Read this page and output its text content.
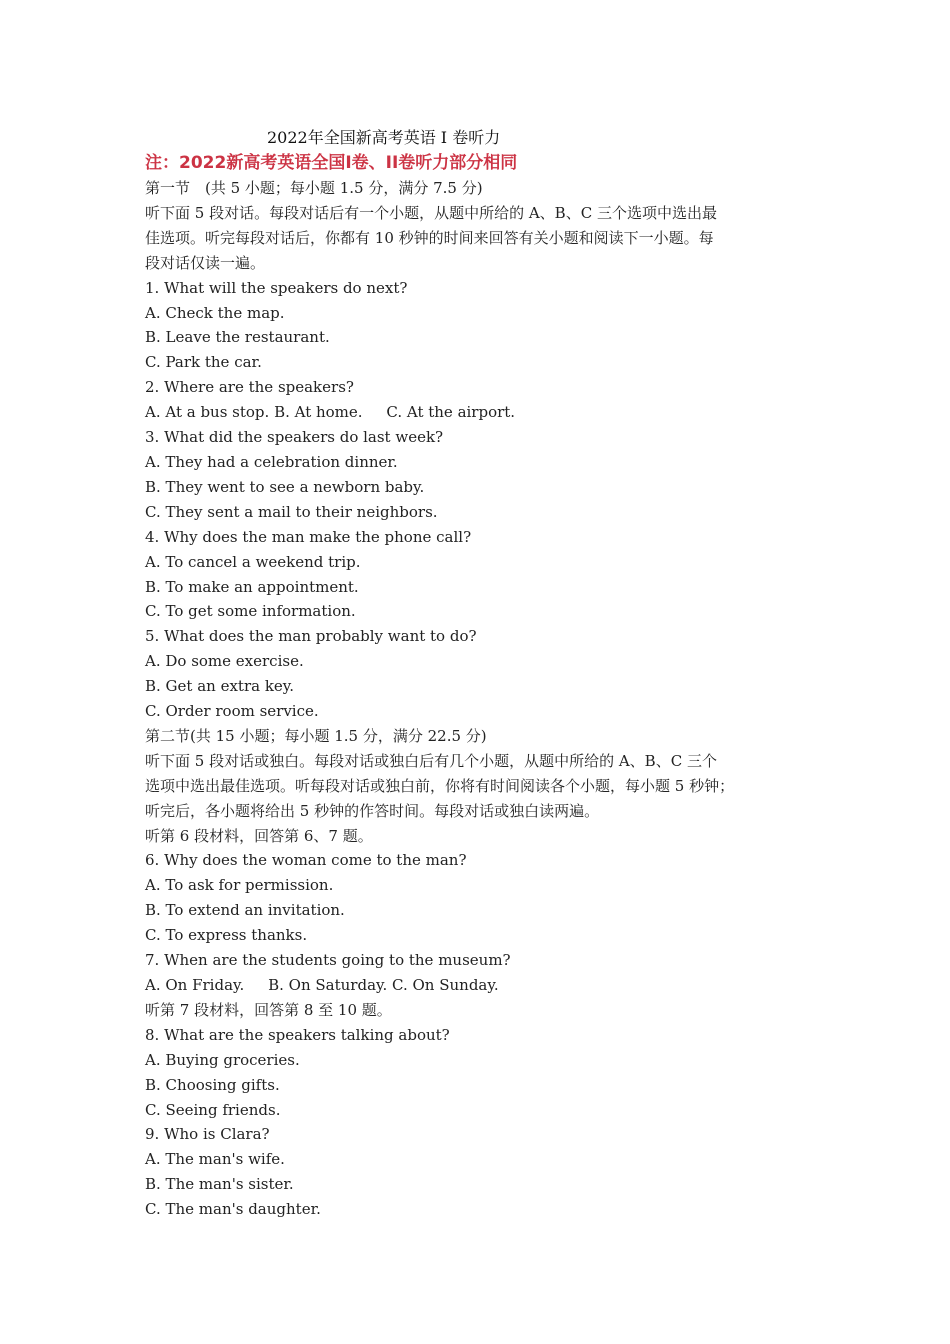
2022年全国新高考英语 I 卷听力

注：2022新高考英语全国I卷、II卷听力部分相同

第一节　(共 5 小题；每小题 1.5 分，满分 7.5 分)

听下面 5 段对话。每段对话后有一个小题，从题中所给的 A、B、C 三个选项中选出最
佳选项。听完每段对话后，你都有 10 秒钟的时间来回答有关小题和阅读下一小题。每
段对话仅读一遍。

1. What will the speakers do next?

A. Check the map.

B. Leave the restaurant.

C. Park the car.

2. Where are the speakers?

A. At a bus stop. B. At home.     C. At the airport.

3. What did the speakers do last week?

A. They had a celebration dinner.

B. They went to see a newborn baby.

C. They sent a mail to their neighbors.

4. Why does the man make the phone call?

A. To cancel a weekend trip.

B. To make an appointment.

C. To get some information.

5. What does the man probably want to do?

A. Do some exercise.

B. Get an extra key.

C. Order room service.

第二节(共 15 小题；每小题 1.5 分，满分 22.5 分)

听下面 5 段对话或独白。每段对话或独白后有几个小题，从题中所给的 A、B、C 三个
选项中选出最佳选项。听每段对话或独白前，你将有时间阅读各个小题，每小题 5 秒钟；
听完后，各小题将给出 5 秒钟的作答时间。每段对话或独白读两遍。

听第 6 段材料，回答第 6、7 题。

6. Why does the woman come to the man?

A. To ask for permission.

B. To extend an invitation.

C. To express thanks.

7. When are the students going to the museum?

A. On Friday.     B. On Saturday. C. On Sunday.

听第 7 段材料，回答第 8 至 10 题。

8. What are the speakers talking about?

A. Buying groceries.

B. Choosing gifts.

C. Seeing friends.

9. Who is Clara?

A. The man's wife.

B. The man's sister.

C. The man's daughter.
